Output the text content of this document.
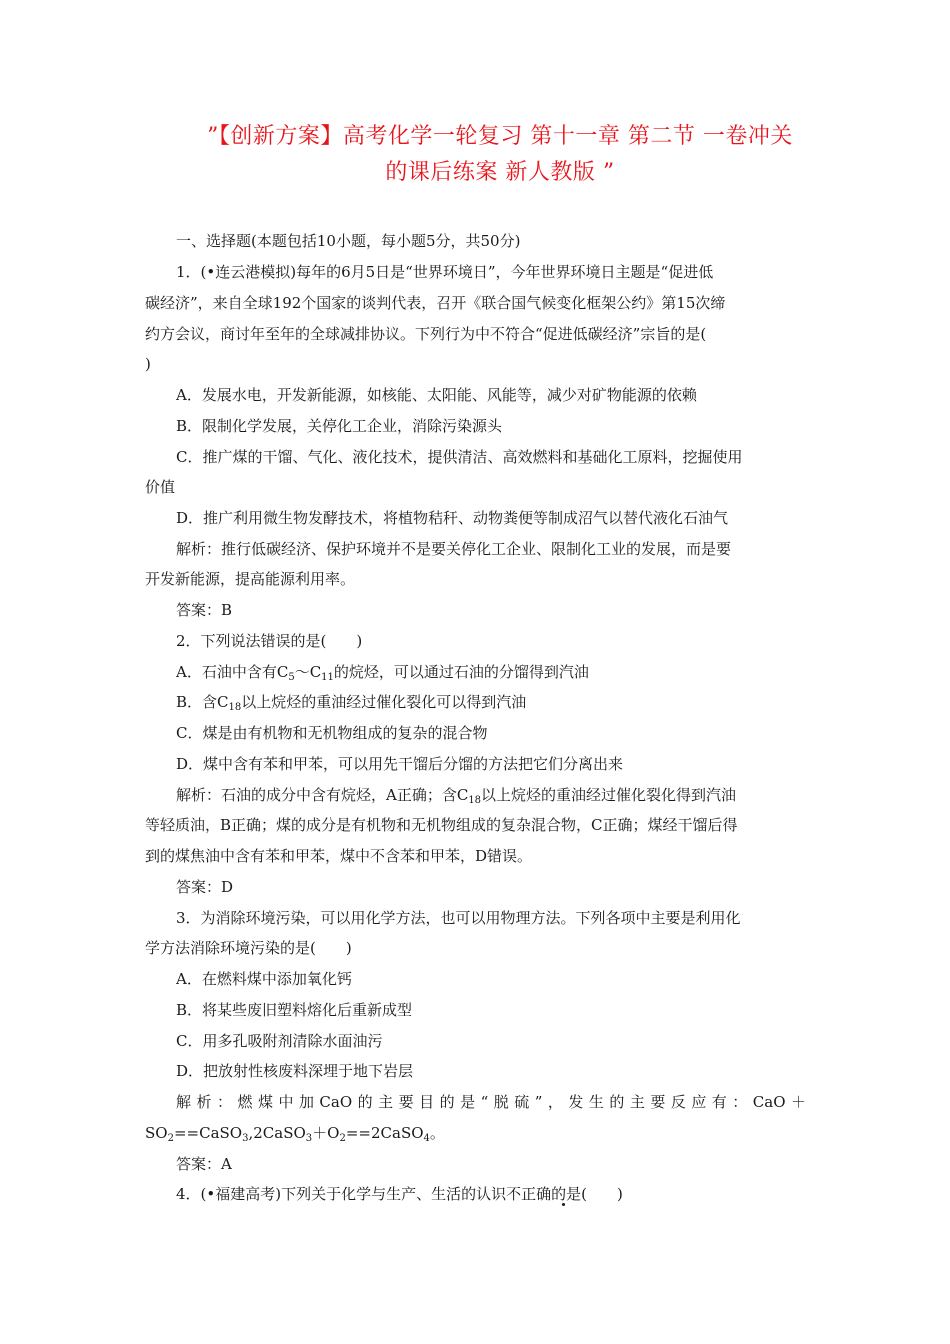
”【创新方案】高考化学一轮复习 第十一章 第二节 一卷冲关
的课后练案 新人教版 ”
一、选择题(本题包括10小题，每小题5分，共50分)
1．(•连云港模拟)每年的6月5日是“世界环境日”，今年世界环境日主题是“促进低
碳经济”，来自全球192个国家的谈判代表，召开《联合国气候变化框架公约》第15次缔
约方会议，商讨年至年的全球减排协议。下列行为中不符合“促进低碳经济”宗旨的是(
)
A．发展水电，开发新能源，如核能、太阳能、风能等，减少对矿物能源的依赖
B．限制化学发展，关停化工企业，消除污染源头
C．推广煤的干馏、气化、液化技术，提供清洁、高效燃料和基础化工原料，挖掘使用
价值
D．推广利用微生物发酵技术，将植物秸秆、动物粪便等制成沼气以替代液化石油气
解析：推行低碳经济、保护环境并不是要关停化工企业、限制化工业的发展，而是要
开发新能源，提高能源利用率。
答案：B
2．下列说法错误的是(　　)
A．石油中含有$C_5\sim C_{11}$的烷烃，可以通过石油的分馏得到汽油
B．含$C_{18}$以上烷烃的重油经过催化裂化可以得到汽油
C．煤是由有机物和无机物组成的复杂的混合物
D．煤中含有苯和甲苯，可以用先干馏后分馏的方法把它们分离出来
解析：石油的成分中含有烷烃，A正确；含$C_{18}$以上烷烃的重油经过催化裂化得到汽油
等轻质油，B正确；煤的成分是有机物和无机物组成的复杂混合物，C正确；煤经干馏后得
到的煤焦油中含有苯和甲苯，煤中不含苯和甲苯，D错误。
答案：D
3．为消除环境污染，可以用化学方法，也可以用物理方法。下列各项中主要是利用化
学方法消除环境污染的是(　　)
A．在燃料煤中添加氧化钙
B．将某些废旧塑料熔化后重新成型
C．用多孔吸附剂清除水面油污
D．把放射性核废料深埋于地下岩层
解析：燃煤中加CaO的主要目的是“脱硫”，发生的主要反应有：CaO＋
$SO_2==CaSO_3,2CaSO_3+O_2==2CaSO_4$。
答案：A
4．(•福建高考)下列关于化学与生产、生活的认识不正确的是(　　)
